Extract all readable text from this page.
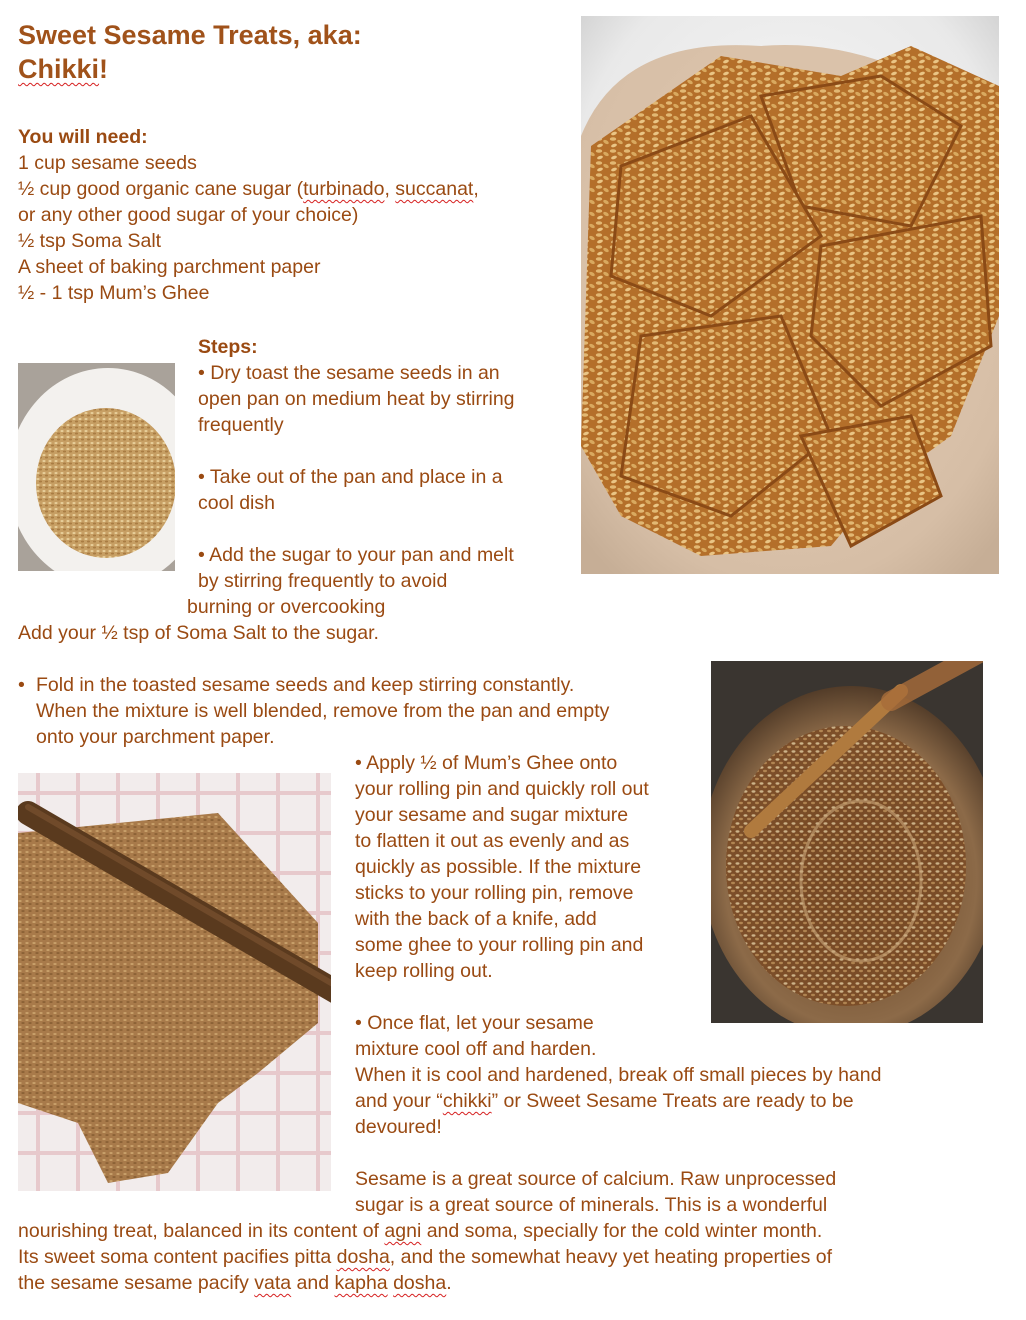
Sweet Sesame Treats, aka:
Chikki!
You will need:
1 cup sesame seeds
½ cup good organic cane sugar (turbinado, succanat,
or any other good sugar of your choice)
½ tsp Soma Salt
A sheet of baking parchment paper
½ - 1 tsp Mum’s Ghee
Steps:
• Dry toast the sesame seeds in an
open pan on medium heat by stirring
frequently
• Take out of the pan and place in a
cool dish
• Add the sugar to your pan and melt
by stirring frequently to avoid
burning or overcooking
Add your ½ tsp of Soma Salt to the sugar.
• Fold in the toasted sesame seeds and keep stirring constantly.
When the mixture is well blended, remove from the pan and empty
onto your parchment paper.
• Apply ½ of Mum’s Ghee onto
your rolling pin and quickly roll out
your sesame and sugar mixture
to flatten it out as evenly and as
quickly as possible. If the mixture
sticks to your rolling pin, remove
with the back of a knife, add
some ghee to your rolling pin and
keep rolling out.
• Once flat, let your sesame
mixture cool off and harden.
When it is cool and hardened, break off small pieces by hand
and your “chikki” or Sweet Sesame Treats are ready to be
devoured!
Sesame is a great source of calcium. Raw unprocessed
sugar is a great source of minerals. This is a wonderful
nourishing treat, balanced in its content of agni and soma, specially for the cold winter month.
Its sweet soma content pacifies pitta dosha, and the somewhat heavy yet heating properties of
the sesame sesame pacify vata and kapha dosha.
